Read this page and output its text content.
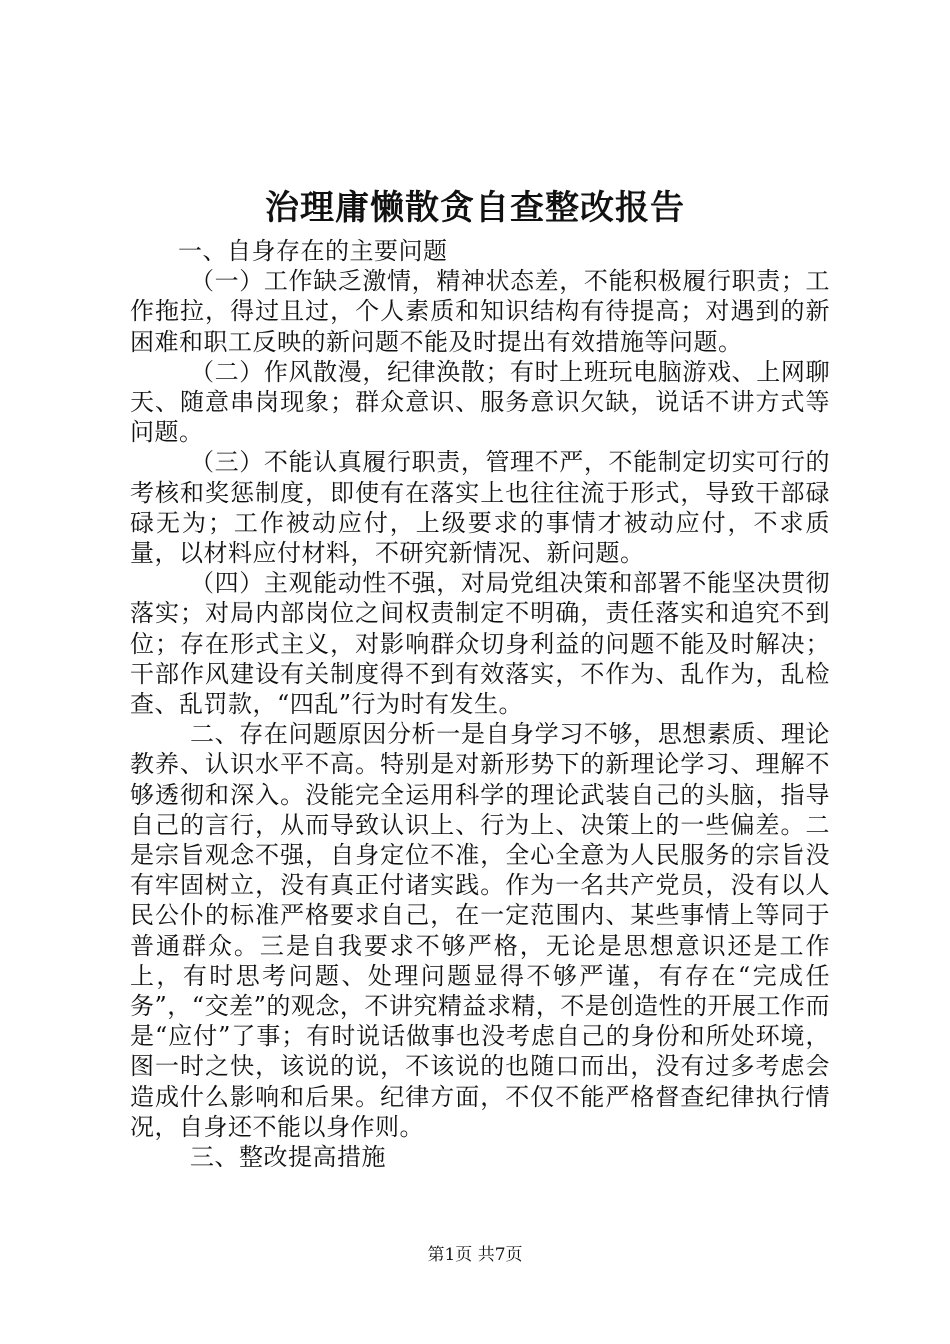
治理庸懒散贪自查整改报告

一、自身存在的主要问题

（一）工作缺乏激情，精神状态差，不能积极履行职责；工作拖拉，得过且过，个人素质和知识结构有待提高；对遇到的新困难和职工反映的新问题不能及时提出有效措施等问题。

（二）作风散漫，纪律涣散；有时上班玩电脑游戏、上网聊天、随意串岗现象；群众意识、服务意识欠缺，说话不讲方式等问题。

（三）不能认真履行职责，管理不严，不能制定切实可行的考核和奖惩制度，即使有在落实上也往往流于形式，导致干部碌碌无为；工作被动应付，上级要求的事情才被动应付，不求质量，以材料应付材料，不研究新情况、新问题。

（四）主观能动性不强，对局党组决策和部署不能坚决贯彻落实；对局内部岗位之间权责制定不明确，责任落实和追究不到位；存在形式主义，对影响群众切身利益的问题不能及时解决；干部作风建设有关制度得不到有效落实，不作为、乱作为，乱检查、乱罚款，“四乱”行为时有发生。

二、存在问题原因分析一是自身学习不够，思想素质、理论教养、认识水平不高。特别是对新形势下的新理论学习、理解不够透彻和深入。没能完全运用科学的理论武装自己的头脑，指导自己的言行，从而导致认识上、行为上、决策上的一些偏差。二是宗旨观念不强，自身定位不准，全心全意为人民服务的宗旨没有牢固树立，没有真正付诸实践。作为一名共产党员，没有以人民公仆的标准严格要求自己，在一定范围内、某些事情上等同于普通群众。三是自我要求不够严格，无论是思想意识还是工作上，有时思考问题、处理问题显得不够严谨，有存在“完成任务”，“交差”的观念，不讲究精益求精，不是创造性的开展工作而是“应付”了事；有时说话做事也没考虑自己的身份和所处环境，图一时之快，该说的说，不该说的也随口而出，没有过多考虑会造成什么影响和后果。纪律方面，不仅不能严格督查纪律执行情况，自身还不能以身作则。

三、整改提高措施

第1页 共7页
